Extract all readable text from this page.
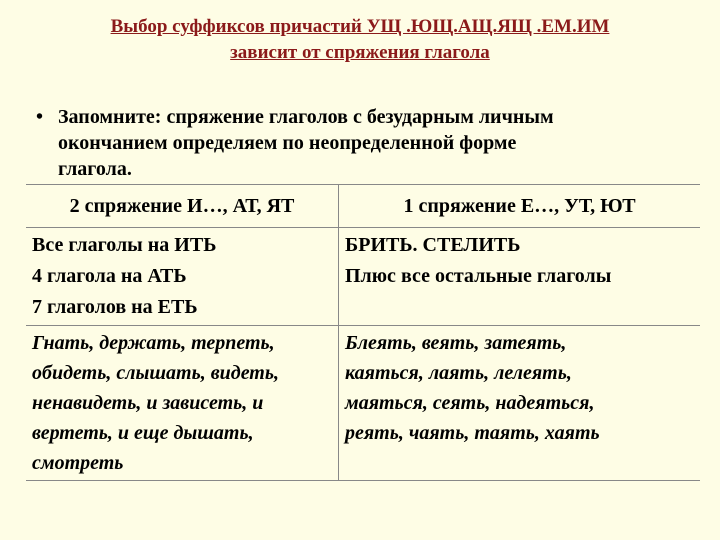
Выбор суффиксов причастий УЩ .ЮЩ.АЩ.ЯЩ .ЕМ.ИМ
зависит от спряжения глагола
• Запомните: спряжение глаголов с безударным личным
окончанием определяем по неопределенной форме
глагола.
2 спряжение И…, АТ, ЯТ	1 спряжение Е…, УТ, ЮТ

Все глаголы на ИТЬ
4 глагола на АТЬ
7 глаголов на ЕТЬ	БРИТЬ. СТЕЛИТЬ
Плюс все остальные глаголы

Гнать, держать, терпеть,
обидеть, слышать, видеть,
ненавидеть, и зависеть, и
вертеть, и еще дышать,
смотреть	Блеять, веять, затеять,
каяться, лаять, лелеять,
маяться, сеять, надеяться,
реять, чаять, таять, хаять
